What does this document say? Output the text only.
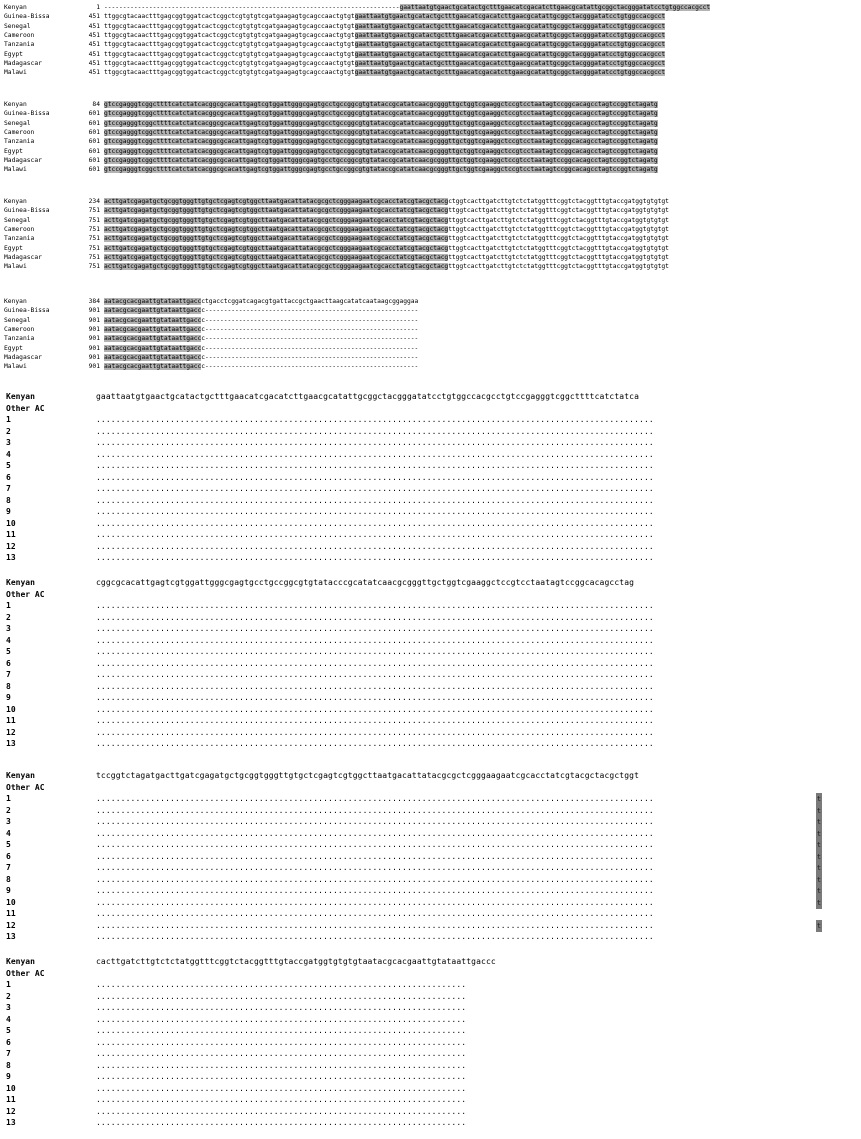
Kenyan	1 -------------------------------------------------------------------------------gaattaatgtgaactgcatactgctttgaacatcgacatcttgaacgcatattgcggctacgggatatcctgtggccacgcct
Guinea-Bissa	451 ttggcgtacaactttgagcggtggatcactcggctcgtgtgtcgatgaagagtgcagccaactgtgtgaattaatgtgaactgcatactgctttgaacatcgacatcttgaacgcatattgcggctacgggatatcctgtggccacgcct
Senegal	451 ttggcgtacaactttgagcggtggatcactcggctcgtgtgtcgatgaagagtgcagccaactgtgtgaattaatgtgaactgcatactgctttgaacatcgacatcttgaacgcatattgcggctacgggatatcctgtggccacgcct
Cameroon	451 ttggcgtacaactttgagcggtggatcactcggctcgtgtgtcgatgaagagtgcagccaactgtgtgaattaatgtgaactgcatactgctttgaacatcgacatcttgaacgcatattgcggctacgggatatcctgtggccacgcct
Tanzania	451 ttggcgtacaactttgagcggtggatcactcggctcgtgtgtcgatgaagagtgcagccaactgtgtgaattaatgtgaactgcatactgctttgaacatcgacatcttgaacgcatattgcggctacgggatatcctgtggccacgcct
Egypt	451 ttggcgtacaactttgagcggtggatcactcggctcgtgtgtcgatgaagagtgcagccaactgtgtgaattaatgtgaactgcatactgctttgaacatcgacatcttgaacgcatattgcggctacgggatatcctgtggccacgcct
Madagascar	451 ttggcgtacaactttgagcggtggatcactcggctcgtgtgtcgatgaagagtgcagccaactgtgtgaattaatgtgaactgcatactgctttgaacatcgacatcttgaacgcatattgcggctacgggatatcctgtggccacgcct
Malawi	451 ttggcgtacaactttgagcggtggatcactcggctcgtgtgtcgatgaagagtgcagccaactgtgtgaattaatgtgaactgcatactgctttgaacatcgacatcttgaacgcatattgcggctacgggatatcctgtggccacgcct
Kenyan	84 gtccgagggtcggcttttcatctatcacggcgcacattgagtcgtggattgggcgagtgcctgccggcgtgtataccgcatatcaacgcgggttgctggtcgaaggctccgtcctaatagtccggcacagcctagtccggtctagatg
Guinea-Bissa	601 gtccgagggtcggcttttcatctatcacggcgcacattgagtcgtggattgggcgagtgcctgccggcgtgtataccgcatatcaacgcgggttgctggtcgaaggctccgtcctaatagtccggcacagcctagtccggtctagatg
Senegal	601 gtccgagggtcggcttttcatctatcacggcgcacattgagtcgtggattgggcgagtgcctgccggcgtgtataccgcatatcaacgcgggttgctggtcgaaggctccgtcctaatagtccggcacagcctagtccggtctagatg
Cameroon	601 gtccgagggtcggcttttcatctatcacggcgcacattgagtcgtggattgggcgagtgcctgccggcgtgtataccgcatatcaacgcgggttgctggtcgaaggctccgtcctaatagtccggcacagcctagtccggtctagatg
Tanzania	601 gtccgagggtcggcttttcatctatcacggcgcacattgagtcgtggattgggcgagtgcctgccggcgtgtataccgcatatcaacgcgggttgctggtcgaaggctccgtcctaatagtccggcacagcctagtccggtctagatg
Egypt	601 gtccgagggtcggcttttcatctatcacggcgcacattgagtcgtggattgggcgagtgcctgccggcgtgtataccgcatatcaacgcgggttgctggtcgaaggctccgtcctaatagtccggcacagcctagtccggtctagatg
Madagascar	601 gtccgagggtcggcttttcatctatcacggcgcacattgagtcgtggattgggcgagtgcctgccggcgtgtataccgcatatcaacgcgggttgctggtcgaaggctccgtcctaatagtccggcacagcctagtccggtctagatg
Malawi	601 gtccgagggtcggcttttcatctatcacggcgcacattgagtcgtggattgggcgagtgcctgccggcgtgtataccgcatatcaacgcgggttgctggtcgaaggctccgtcctaatagtccggcacagcctagtccggtctagatg
Kenyan	234 acttgatcgagatgctgcggtgggttgtgctcgagtcgtggcttaatgacattatacgcgctcgggaagaatcgcacctatcgtacgctacgctggtcacttgatcttgtctctatggtttcggtctacggtttgtaccgatggtgtgtgt
Guinea-Bissa	751 acttgatcgagatgctgcggtgggttgtgctcgagtcgtggcttaatgacattatacgcgctcgggaagaatcgcacctatcgtacgctacgttggtcacttgatcttgtctctatggtttcggtctacggtttgtaccgatggtgtgtgt
Senegal	751 acttgatcgagatgctgcggtgggttgtgctcgagtcgtggcttaatgacattatacgcgctcgggaagaatcgcacctatcgtacgctacgttggtcacttgatcttgtctctatggtttcggtctacggtttgtaccgatggtgtgtgt
Cameroon	751 acttgatcgagatgctgcggtgggttgtgctcgagtcgtggcttaatgacattatacgcgctcgggaagaatcgcacctatcgtacgctacgttggtcacttgatcttgtctctatggtttcggtctacggtttgtaccgatggtgtgtgt
Tanzania	751 acttgatcgagatgctgcggtgggttgtgctcgagtcgtggcttaatgacattatacgcgctcgggaagaatcgcacctatcgtacgctacgttggtcacttgatcttgtctctatggtttcggtctacggtttgtaccgatggtgtgtgt
Egypt	751 acttgatcgagatgctgcggtgggttgtgctcgagtcgtggcttaatgacattatacgcgctcgggaagaatcgcacctatcgtacgctacgttggtcacttgatcttgtctctatggtttcggtctacggtttgtaccgatggtgtgtgt
Madagascar	751 acttgatcgagatgctgcggtgggttgtgctcgagtcgtggcttaatgacattatacgcgctcgggaagaatcgcacctatcgtacgctacgttggtcacttgatcttgtctctatggtttcggtctacggtttgtaccgatggtgtgtgt
Malawi	751 acttgatcgagatgctgcggtgggttgtgctcgagtcgtggcttaatgacattatacgcgctcgggaagaatcgcacctatcgtacgctacgttggtcacttgatcttgtctctatggtttcggtctacggtttgtaccgatggtgtgtgt
Kenyan	384 aatacgcacgaattgtataattgaccctgacctcggatcagacgtgattaccgctgaacttaagcatatcaataagcggaggaa
Guinea-Bissa	901 aatacgcacgaattgtataattgaccc---------------------------------------------------------
Senegal	901 aatacgcacgaattgtataattgaccc---------------------------------------------------------
Cameroon	901 aatacgcacgaattgtataattgaccc---------------------------------------------------------
Tanzania	901 aatacgcacgaattgtataattgaccc---------------------------------------------------------
Egypt	901 aatacgcacgaattgtataattgaccc---------------------------------------------------------
Madagascar	901 aatacgcacgaattgtataattgaccc---------------------------------------------------------
Malawi	901 aatacgcacgaattgtataattgaccc---------------------------------------------------------
Kenyan	gaattaatgtgaactgcatactgctttgaacatcgacatcttgaacgcatattgcggctacgggatatcctgtggccacgcctgtccgagggtcggcttttcatctatca
Other AC
1	.................................................................................................................
2	.................................................................................................................
3	.................................................................................................................
4	.................................................................................................................
5	.................................................................................................................
6	.................................................................................................................
7	.................................................................................................................
8	.................................................................................................................
9	.................................................................................................................
10	.................................................................................................................
11	.................................................................................................................
12	.................................................................................................................
13	.................................................................................................................
Kenyan	cggcgcacattgagtcgtggattgggcgagtgcctgccggcgtgtatacccgcatatcaacgcgggttgctggtcgaaggctccgtcctaatagtccggcacagcctag
Other AC
1	.................................................................................................................
2	.................................................................................................................
3	.................................................................................................................
4	.................................................................................................................
5	.................................................................................................................
6	.................................................................................................................
7	.................................................................................................................
8	.................................................................................................................
9	.................................................................................................................
10	.................................................................................................................
11	.................................................................................................................
12	.................................................................................................................
13	.................................................................................................................
Kenyan	tccggtctagatgacttgatcgagatgctgcggtgggttgtgctcgagtcgtggcttaatgacattatacgcgctcgggaagaatcgcacctatcgtacgctacgctggt
Other AC
1	.................................................................................................................	t
2	.................................................................................................................	t
3	.................................................................................................................	t
4	.................................................................................................................	t
5	.................................................................................................................	t
6	.................................................................................................................	t
7	.................................................................................................................	t
8	.................................................................................................................	t
9	.................................................................................................................	t
10	.................................................................................................................	t
11	.................................................................................................................
12	.................................................................................................................	t
13	.................................................................................................................
Kenyan	cacttgatcttgtctctatggtttcggtctacggtttgtaccgatggtgtgtgtaatacgcacgaattgtataattgaccc
Other AC
1	...........................................................................
2	...........................................................................
3	...........................................................................
4	...........................................................................
5	...........................................................................
6	...........................................................................
7	...........................................................................
8	...........................................................................
9	...........................................................................
10	...........................................................................
11	...........................................................................
12	...........................................................................
13	...........................................................................
